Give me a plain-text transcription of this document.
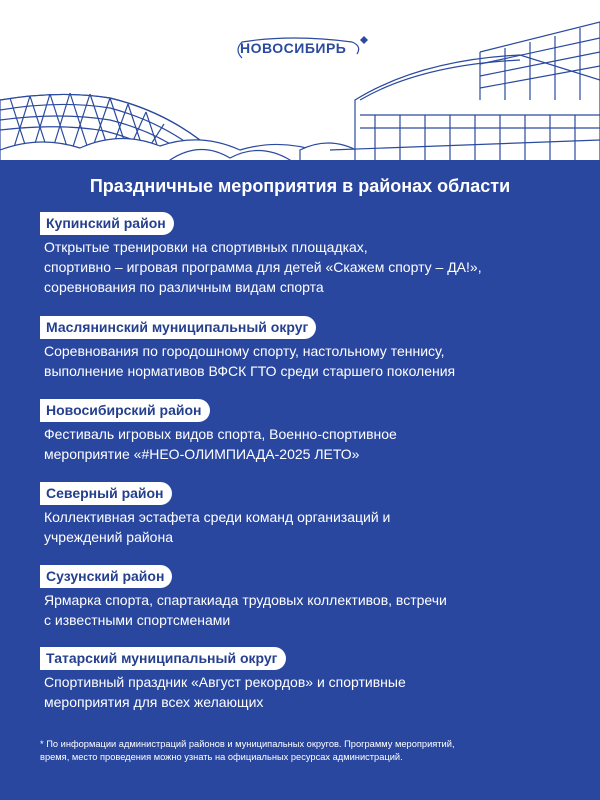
НОВОСИБИРЬ
Праздничные мероприятия в районах области
Купинский район
Открытые тренировки на спортивных площадках,
спортивно – игровая программа для детей «Скажем спорту – ДА!»,
соревнования по различным видам спорта
Маслянинский муниципальный округ
Соревнования по городошному спорту, настольному теннису,
выполнение нормативов ВФСК ГТО среди старшего поколения
Новосибирский район
Фестиваль игровых видов спорта, Военно-спортивное
мероприятие «#НЕО-ОЛИМПИАДА-2025 ЛЕТО»
Северный район
Коллективная эстафета среди команд организаций и
учреждений района
Сузунский район
Ярмарка спорта, спартакиада трудовых коллективов, встречи
с известными спортсменами
Татарский муниципальный округ
Спортивный праздник «Август рекордов» и спортивные
мероприятия для всех желающих
* По информации администраций районов и муниципальных округов. Программу мероприятий,
время, место проведения можно узнать на официальных ресурсах администраций.
